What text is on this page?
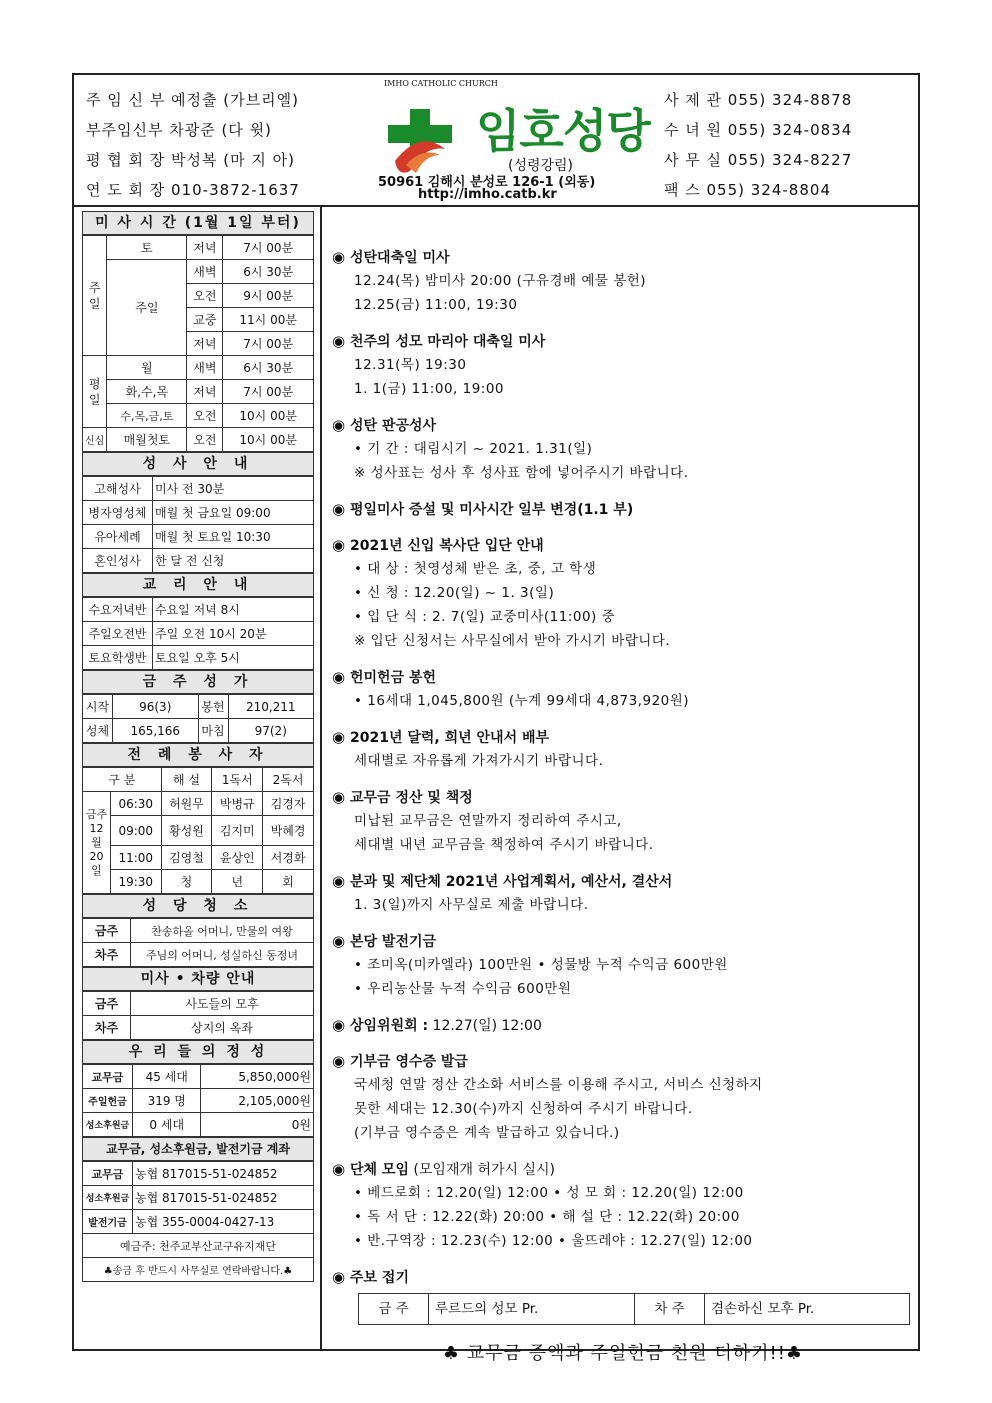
주 임 신 부 예정출 (가브리엘)
부주임신부 차광준 (다 윗)
평 협 회 장 박성복 (마 지 아)
연 도 회 장 010-3872-1637
IMHO CATHOLIC CHURCH
임호성당
(성령강림)
50961 김해시 분성로 126-1 (외동)
http://imho.catb.kr
사 제 관 055) 324-8878
수 녀 원 055) 324-0834
사 무 실 055) 324-8227
팩 스 055) 324-8804
미 사 시 간 (1월 1일 부터)
주일	토	저녁	7시 00분
	주일	새벽	6시 30분
		오전	9시 00분
		교중	11시 00분
		저녁	7시 00분
평일	월	새벽	6시 30분
	화,수,목	저녁	7시 00분
	수,목,금,토	오전	10시 00분
신심	매월첫토	오전	10시 00분
성 사 안 내
고해성사	미사 전 30분
병자영성체	매월 첫 금요일 09:00
유아세례	매월 첫 토요일 10:30
혼인성사	한 달 전 신청
교 리 안 내
수요저녁반	수요일 저녁 8시
주일오전반	주일 오전 10시 20분
토요학생반	토요일 오후 5시
금 주 성 가
시작	96(3)	봉헌	210,211
성체	165,166	마침	97(2)
전 례 봉 사 자
구 분		해 설	1독서	2독서

금주
12
월
20
일	06:30	허원무	박병규	김경자
	09:00	황성원	김지미	박혜경
	11:00	김영철	윤상인	서경화
	19:30	청	년	회
성 당 청 소
금주	찬송하올 어머니, 만물의 여왕
차주	주님의 어머니, 성실하신 동정녀
미사 • 차량 안내
금주	사도들의 모후
차주	상지의 옥좌
우 리 들 의 정 성
교무금	45 세대	5,850,000원
주일헌금	319 명	2,105,000원
성소후원금	0 세대	0원
교무금, 성소후원금, 발전기금 계좌
교무금	농협 817015-51-024852
성소후원금	농협 817015-51-024852
발전기금	농협 355-0004-0427-13
예금주: 천주교부산교구유지재단	
♣송금 후 반드시 사무실로 연락바랍니다.♣	
◉ 성탄대축일 미사
12.24(목) 밤미사 20:00 (구유경배 예물 봉헌)
12.25(금) 11:00, 19:30
◉ 천주의 성모 마리아 대축일 미사
12.31(목) 19:30
1. 1(금) 11:00, 19:00
◉ 성탄 판공성사
• 기 간 : 대림시기 ~ 2021. 1.31(일)
※ 성사표는 성사 후 성사표 함에 넣어주시기 바랍니다.
◉ 평일미사 증설 및 미사시간 일부 변경(1.1 부)
◉ 2021년 신입 복사단 입단 안내
• 대 상 : 첫영성체 받은 초, 중, 고 학생
• 신 청 : 12.20(일) ~ 1. 3(일)
• 입 단 식 : 2. 7(일) 교중미사(11:00) 중
※ 입단 신청서는 사무실에서 받아 가시기 바랍니다.
◉ 헌미헌금 봉헌
• 16세대 1,045,800원 (누계 99세대 4,873,920원)
◉ 2021년 달력, 희년 안내서 배부
세대별로 자유롭게 가져가시기 바랍니다.
◉ 교무금 정산 및 책정
미납된 교무금은 연말까지 정리하여 주시고,
세대별 내년 교무금을 책정하여 주시기 바랍니다.
◉ 분과 및 제단체 2021년 사업계획서, 예산서, 결산서
1. 3(일)까지 사무실로 제출 바랍니다.
◉ 본당 발전기금
• 조미옥(미카엘라) 100만원 • 성물방 누적 수익금 600만원
• 우리농산물 누적 수익금 600만원
◉ 상임위원회 : 12.27(일) 12:00
◉ 기부금 영수증 발급
국세청 연말 정산 간소화 서비스를 이용해 주시고, 서비스 신청하지
못한 세대는 12.30(수)까지 신청하여 주시기 바랍니다.
(기부금 영수증은 계속 발급하고 있습니다.)
◉ 단체 모임 (모임재개 허가시 실시)
• 베드로회 : 12.20(일) 12:00 • 성 모 회 : 12.20(일) 12:00
• 독 서 단 : 12.22(화) 20:00 • 해 설 단 : 12.22(화) 20:00
• 반.구역장 : 12.23(수) 12:00 • 울뜨레야 : 12.27(일) 12:00
◉ 주보 접기
금 주	루르드의 성모 Pr.	차 주	겸손하신 모후 Pr.
♣ 교무금 증액과 주일헌금 천원 더하기!!♣
